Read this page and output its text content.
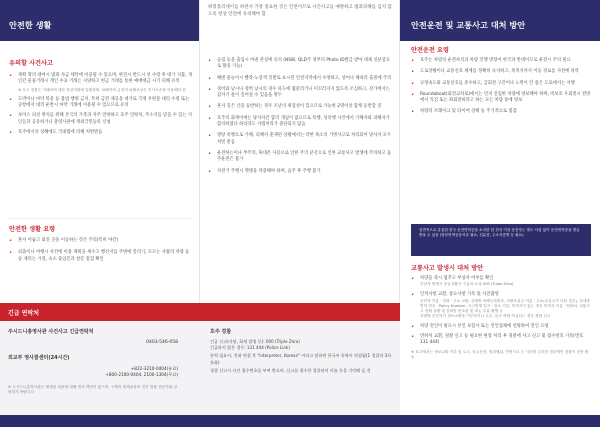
안전한 생활
유의할 사건사고
• 계획 명의 대여시 범죄 자금 세탁에 이용될 수 있으며, 한진시 반드시 선 수령 후 대가 지불, 개인간 물품거래시 계인 수표 거래는 지양하고 현금 거래를 통한 예매대금 시기 피해 유의
※ 호주 경찰은 거래처에 대한 정상지원에 입출하며, 피해자의 금전적 피해보상은 민사소송을 이용해야 함
• 도박이나 마약 복용 등 불법 행위 금지, 특히 금전 제공을 대가로 국제 우편물 대리 수령 또는 공항에서 대리 운반시 마약 거래에 이용될 수 있으므로 유의
• 보이스 피싱 방지를 위해 본국의 가족과 자주 연락하고 호주 연락처, 주소지를 믿을 수 있는 지인들과 공유하거나 총영사관에 재외국민등록 신청
• 호주에서의 상해에도 국내법에 의해 처벌받음
안전한 생활 요령
• 혼자 어둡고 외진 곳을 이동하는 것은 주의(특히 야간)
• 외출이나 여행시 사건에 이용 계획을 세우고 행선지를 주변에 알리기, 모르는 사람의 차량 등승 제의는 거절, 숙소 출입문과 창문 점검 확인
워킹홀리데이를 하면서 가장 중요한 것은 안전이므로 사건사고를 예방하고 범죄피해를 입지 않도록 항상 안전에 유의해야 함
• 술집 등을 출입시 여권 분실에 유의 (NSW, QLD주 정부의 Photo ID발급 받아 대체 신분증으로 활용 가능)
• 해변 물놀이시 빨강-노랑색 깃발로 표시된 안전지역에서 수영하고, 상어나 해파리 출몰에 주의
• 경비와 낚시나 절벽 낚시의 경우 파도에 휩쓸리거나 미끄러지지 않도록 조심하고, 강가에서는 갑자기 물이 깊어질 수 있음을 명두
• 혼자 깊은 산을 등반하는 경우 조난의 위험성이 있으므로 가능한 2명이상 함께 등반할 것
• 호주의 화재이에는 당사자간 합의 개념이 없으므로 폭행, 성폭행 사건에서 가해자와 피해자가 합의하였다 하더라도 사법처리가 중단되지 않음
• 방탕 폭행으로 가해, 피해자 훈재된 상황에서는 약한 목소의 거병사고로 처리되어 당사자 모두 처벌 받음
• 운전하는이나 부주의, 휴대폰 사용으로 인한 주의 분산으로 인한 교통사고 발생에 주의하고 음주운전은 불가
• 자전거 주행시 헬멧을 착용해야 하며, 음주 후 주행 불가
긴급 연락처
주시드니총영사관 사건사고 긴급연락처
0403-546-058
외교부 영사콜센터(24시간)
+822-3210-0404(유료)
+800-2100-0404, 2100-1304(무료)
※ 주시드니총영사관은 계계된 내용에 대해 법적 책임이 없으며, 구체적 계계내용의 경우 법률 전문가와 상담하기 바랍니다
호주 경찰
긴급 신고(사망, 화재 발생 등): 000 (Triple Zero)
긴급하지 않은 경우: 131 444 (Police Link)
통역 필요시, 전화 연결 후 "Interpreter, Korean" 이라고 말하면 한국어 통역이 연결됨(1 경찰과 3자 통화)
경찰 신고시 사건 접수번호를 부여 받으며, 신고를 접수한 경찰관의 이름 등을 기억해 둘 것
안전운전 및 교통사고 대처 방안
안전운전 요령
• 호주는 차량의 운전자석과 차량 진행 방향이 한국과 반대이므로 운전시 주의 필요
• 도로상황이나 교통신호 체계를 정확히 숙지하고, 목적지까지 이동 경로를 사전에 파악
• 규정속도와 교통신호를 준수하고, 급회전 구간이나 노면이 안 좋은 도로에서는 서행
• Roundabout(회전교차로)에서는 먼저 진입한 차량에 양보해야 하며, 비보호 우회전시 전방에서 직진 또는 좌회전하려고 하는 모든 차량 통에 양보
• 차량의 브레이크 및 타이어 상태 등 주기적으로 점검
일반적으로 유효한 한국 운전면허증을 소지한 한 건서 이상 운전자는 별도 서험 없이 운전면허증을 발급 받을 수 있음 (영문번역공증서류 필요, 신분증, 주소지증명 등 필요)
교통사고 발생시 대처 방안
• 차량을 즉시 멈추고 부상자 여부를 확인
부상자 발생시 응급상황시 구급차 요청 000 (Triple Zero)
• 인적사항 교환, 증요사항 기록 및 사진촬영
운전자 이름 · 전화 · 주소 교환, 상대방 차량등록번호, 차량소유주 이름 · 주소(소유주가 다를 경우), 상대방 면허 번호 · Policy Number, 사고발생 일시 · 장소 기록, 목격자가 있는 경우 목격자 이름 · 연락처, 교통사고 전체 상황 및 상대방 번호판 및 파손 부분 촬영 등
상대방 운전자가 정보교환을 거부하거나 도주, 음주 역할 의심되는 경우 경찰 신고
• 차량 견인이 필요시 본인 보험사 또는 견인업체에 연락하여 견인 요청
• 면허처 교환, 경찰 신고 등 필요한 현장 처리 후 경찰에 사고 신고 및 접수번호 기록(번호 131 444)
※ 호주에서는 정보교환 거부 및 도주, 음주운전, 범죄행위, 인명사고 등 사건의 심각한 경우에만 경찰이 현장 출동
